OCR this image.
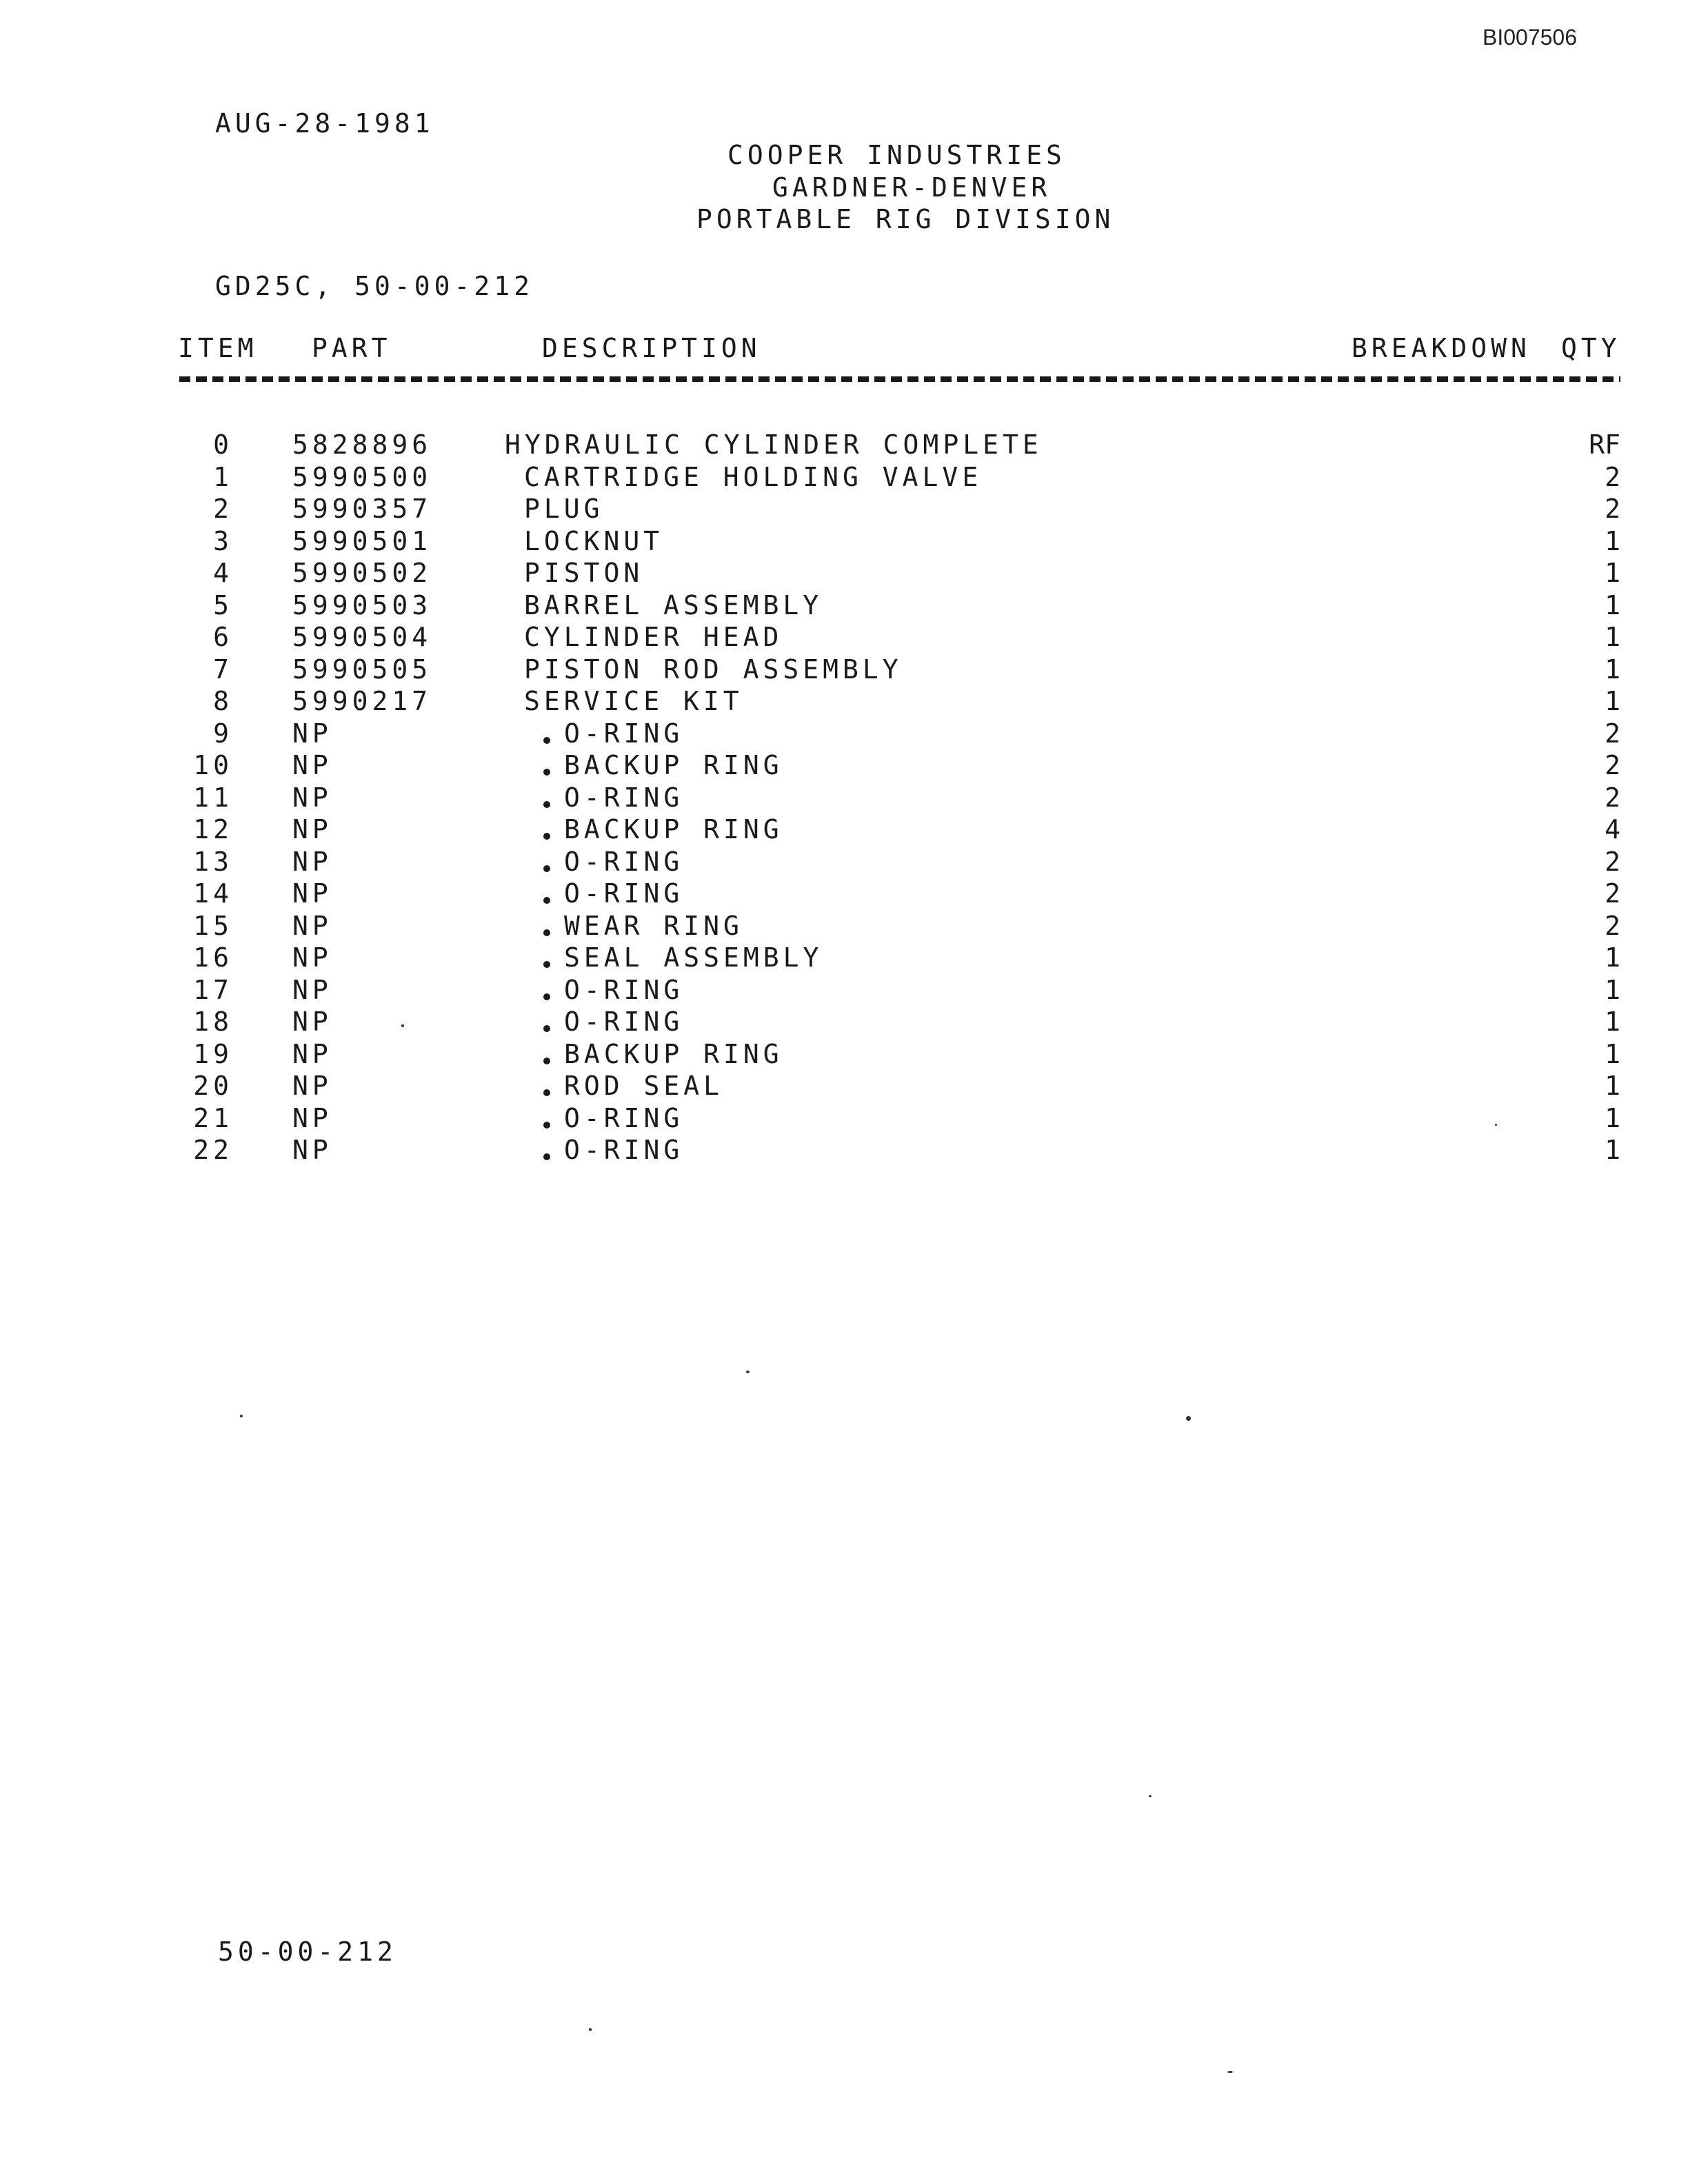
BI007506
AUG-28-1981
COOPER INDUSTRIES
GARDNER-DENVER
PORTABLE RIG DIVISION
GD25C, 50-00-212
ITEM PART	DESCRIPTION	BREAKDOWN QTY
0 5828896	HYDRAULIC CYLINDER COMPLETE	RF
1 5990500	CARTRIDGE HOLDING VALVE	2
2 5990357	PLUG	2
3 5990501	LOCKNUT	1
4 5990502	PISTON	1
5 5990503	BARREL ASSEMBLY	1
6 5990504	CYLINDER HEAD	1
7 5990505	PISTON ROD ASSEMBLY	1
8 5990217	SERVICE KIT	1
9 NP	O-RING	2
10 NP	BACKUP RING	2
11 NP	O-RING	2
12 NP	BACKUP RING	4
13 NP	O-RING	2
14 NP	O-RING	2
15 NP	WEAR RING	2
16 NP	SEAL ASSEMBLY	1
17 NP	O-RING	1
18 NP	O-RING	1
19 NP	BACKUP RING	1
20 NP	ROD SEAL	1
21 NP	O-RING	1
22 NP	O-RING	1
50-00-212
